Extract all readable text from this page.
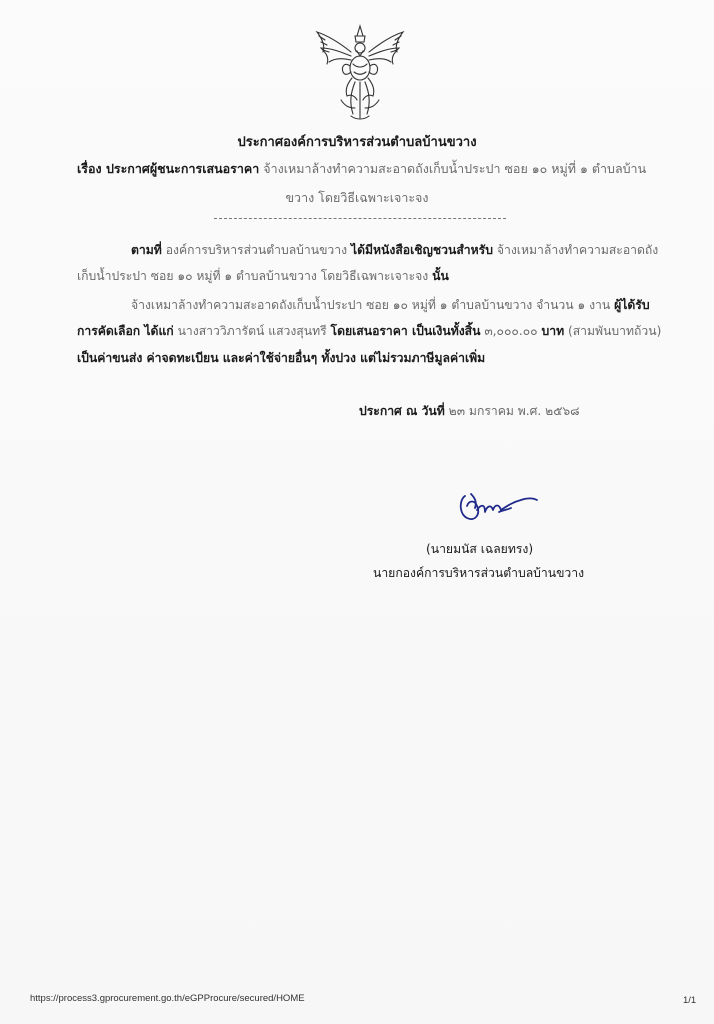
ประกาศองค์การบริหารส่วนตำบลบ้านขวาง
เรื่อง ประกาศผู้ชนะการเสนอราคา จ้างเหมาล้างทำความสะอาดถังเก็บน้ำประปา ซอย ๑๐ หมู่ที่ ๑ ตำบลบ้าน
ขวาง โดยวิธีเฉพาะเจาะจง
ตามที่ องค์การบริหารส่วนตำบลบ้านขวาง ได้มีหนังสือเชิญชวนสำหรับ จ้างเหมาล้างทำความสะอาดถัง
เก็บน้ำประปา ซอย ๑๐ หมู่ที่ ๑ ตำบลบ้านขวาง โดยวิธีเฉพาะเจาะจง นั้น
จ้างเหมาล้างทำความสะอาดถังเก็บน้ำประปา ซอย ๑๐ หมู่ที่ ๑ ตำบลบ้านขวาง จำนวน ๑ งาน ผู้ได้รับ
การคัดเลือก ได้แก่ นางสาววิภารัตน์ แสวงสุนทรี โดยเสนอราคา เป็นเงินทั้งสิ้น ๓,๐๐๐.๐๐ บาท (สามพันบาทถ้วน)
เป็นค่าขนส่ง ค่าจดทะเบียน และค่าใช้จ่ายอื่นๆ ทั้งปวง แต่ไม่รวมภาษีมูลค่าเพิ่ม
ประกาศ ณ วันที่ ๒๓ มกราคม พ.ศ. ๒๕๖๘
(นายมนัส เฉลยทรง)
นายกองค์การบริหารส่วนตำบลบ้านขวาง
https://process3.gprocurement.go.th/eGPProcure/secured/HOME	1/1
